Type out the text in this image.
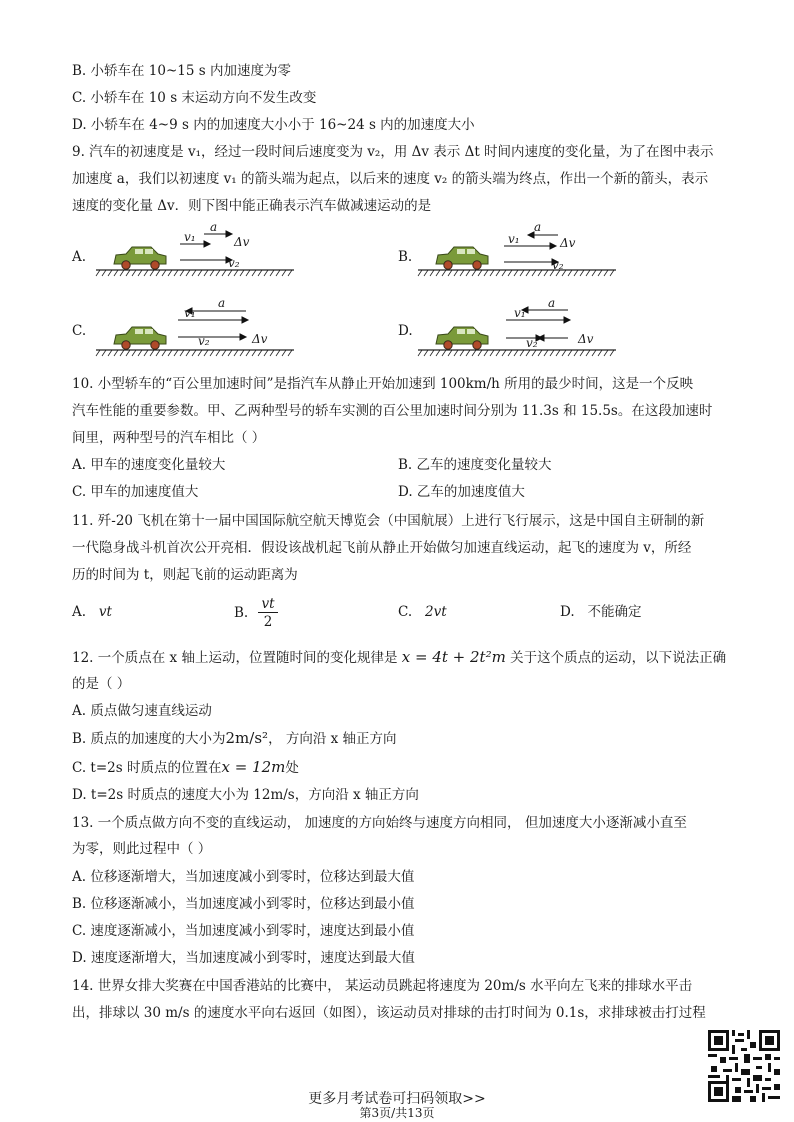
B. 小轿车在 10~15 s 内加速度为零
C. 小轿车在 10 s 末运动方向不发生改变
D. 小轿车在 4~9 s 内的加速度大小小于 16~24 s 内的加速度大小
9. 汽车的初速度是 v₁，经过一段时间后速度变为 v₂，用 Δv 表示 Δt 时间内速度的变化量，为了在图中表示
加速度 a，我们以初速度 v₁ 的箭头端为起点，以后来的速度 v₂ 的箭头端为终点，作出一个新的箭头，表示
速度的变化量 Δv．则下图中能正确表示汽车做减速运动的是
A.
v₁
a
Δv
v₂	B.
v₁
a
Δv
v₂
C.
v₁
a
Δv
v₂
D.
v₁
a
Δv
v₂
10. 小型轿车的“百公里加速时间”是指汽车从静止开始加速到 100km/h 所用的最少时间，这是一个反映
汽车性能的重要参数。甲、乙两种型号的轿车实测的百公里加速时间分别为 11.3s 和 15.5s。在这段加速时
间里，两种型号的汽车相比（ ）
A. 甲车的速度变化量较大	B. 乙车的速度变化量较大
C. 甲车的加速度值大	D. 乙车的加速度值大
11. 歼-20 飞机在第十一届中国国际航空航天博览会（中国航展）上进行飞行展示，这是中国自主研制的新
一代隐身战斗机首次公开亮相．假设该战机起飞前从静止开始做匀加速直线运动，起飞的速度为 v，所经
历的时间为 t，则起飞前的运动距离为
A. vt	B. $\frac{vt}{2}$	C. 2vt	D. 不能确定
12. 一个质点在 x 轴上运动，位置随时间的变化规律是 x = 4t + 2t²m 关于这个质点的运动，以下说法正确
的是（ ）
A. 质点做匀速直线运动
B. 质点的加速度的大小为2m/s²， 方向沿 x 轴正方向
C. t=2s 时质点的位置在x = 12m处
D. t=2s 时质点的速度大小为 12m/s，方向沿 x 轴正方向
13. 一个质点做方向不变的直线运动， 加速度的方向始终与速度方向相同， 但加速度大小逐渐减小直至
为零，则此过程中（ ）
A. 位移逐渐增大，当加速度减小到零时，位移达到最大值
B. 位移逐渐减小，当加速度减小到零时，位移达到最小值
C. 速度逐渐减小，当加速度减小到零时，速度达到最小值
D. 速度逐渐增大，当加速度减小到零时，速度达到最大值
14. 世界女排大奖赛在中国香港站的比赛中， 某运动员跳起将速度为 20m/s 水平向左飞来的排球水平击
出，排球以 30 m/s 的速度水平向右返回（如图），该运动员对排球的击打时间为 0.1s，求排球被击打过程
更多月考试卷可扫码领取>>
第3页/共13页
